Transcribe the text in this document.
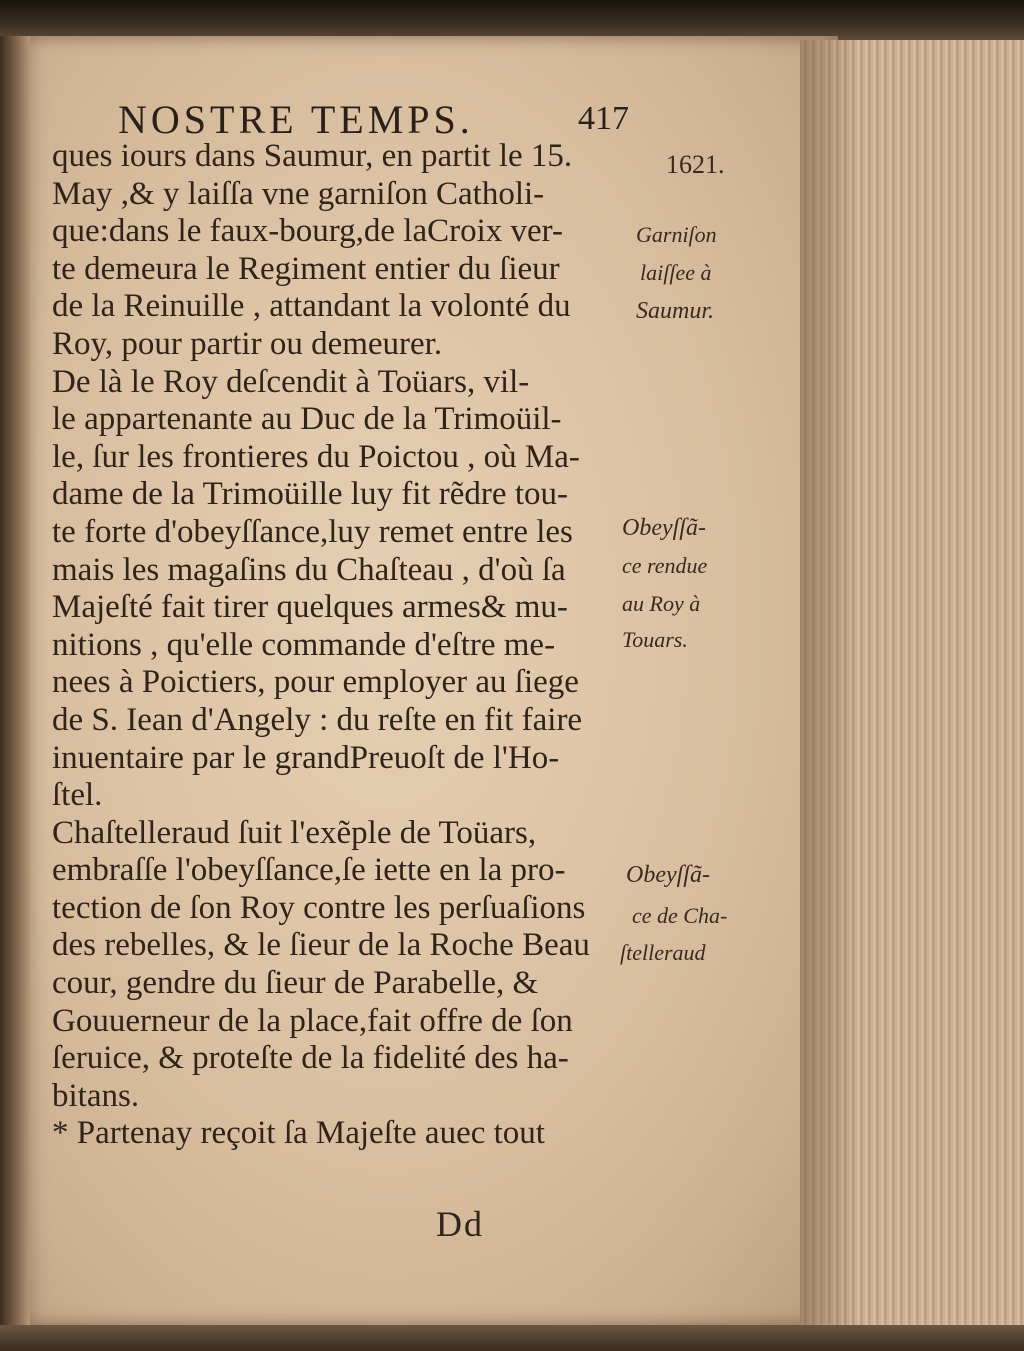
NOSTRE TEMPS.	417
ques iours dans Saumur, en partit le 15.
May ,& y laiſſa vne garniſon Catholi-
que:dans le faux-bourg,de laCroix ver-
te demeura le Regiment entier du ſieur
de la Reinuille , attandant la volonté du
Roy, pour partir ou demeurer.
De là le Roy deſcendit à Toüars, vil-
le appartenante au Duc de la Trimoüil-
le, ſur les frontieres du Poictou , où Ma-
dame de la Trimoüille luy fit rẽdre tou-
te forte d'obeyſſance,luy remet entre les
mais les magaſins du Chaſteau , d'où ſa
Majeſté fait tirer quelques armes& mu-
nitions , qu'elle commande d'eſtre me-
nees à Poictiers, pour employer au ſiege
de S. Iean d'Angely : du reſte en fit faire
inuentaire par le grandPreuoſt de l'Ho-
ſtel.
Chaſtelleraud ſuit l'exẽple de Toüars,
embraſſe l'obeyſſance,ſe iette en la pro-
tection de ſon Roy contre les perſuaſions
des rebelles, & le ſieur de la Roche Beau
cour, gendre du ſieur de Parabelle, &
Gouuerneur de la place,fait offre de ſon
ſeruice, & proteſte de la fidelité des ha-
bitans.
* Partenay reçoit ſa Majeſte auec tout
1621.
Garniſon
laiſſee à
Saumur.
Obeyſſã-
ce rendue
au Roy à
Touars.
Obeyſſã-
ce de Cha-
ſtelleraud
Dd
